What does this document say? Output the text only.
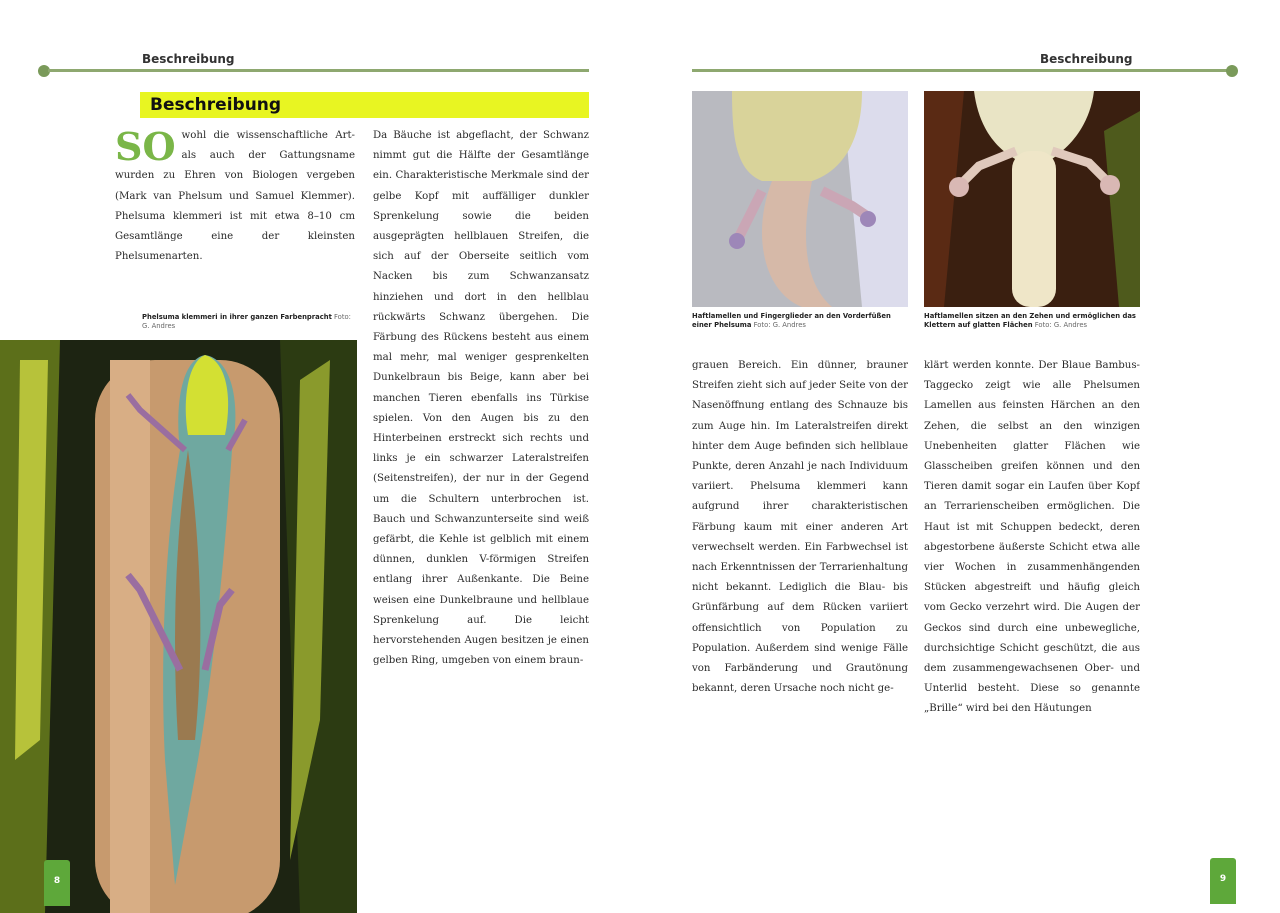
Beschreibung
Beschreibung
SO wohl die wissenschaftliche Art- als auch der Gattungsname wurden zu Ehren von Biologen vergeben (Mark van Phelsum und Samuel Klemmer). Phelsuma klemmeri ist mit etwa 8–10 cm Gesamtlänge eine der kleinsten Phelsumenarten.
Phelsuma klemmeri in ihrer ganzen Farbenpracht Foto: G. Andres
Da Bäuche ist abgeflacht, der Schwanz nimmt gut die Hälfte der Gesamtlänge ein. Charakteristische Merkmale sind der gelbe Kopf mit auffälliger dunkler Sprenkelung sowie die beiden ausgeprägten hellblauen Streifen, die sich auf der Oberseite seitlich vom Nacken bis zum Schwanzansatz hinziehen und dort in den hellblau rückwärts Schwanz übergehen. Die Färbung des Rückens besteht aus einem mal mehr, mal weniger gesprenkelten Dunkelbraun bis Beige, kann aber bei manchen Tieren ebenfalls ins Türkise spielen. Von den Augen bis zu den Hinterbeinen erstreckt sich rechts und links je ein schwarzer Lateralstreifen (Seitenstreifen), der nur in der Gegend um die Schultern unterbrochen ist. Bauch und Schwanzunterseite sind weiß gefärbt, die Kehle ist gelblich mit einem dünnen, dunklen V-förmigen Streifen entlang ihrer Außenkante. Die Beine weisen eine Dunkelbraune und hellblaue Sprenkelung auf. Die leicht hervorstehenden Augen besitzen je einen gelben Ring, umgeben von einem braun-
8
Beschreibung
Haftlamellen und Fingerglieder an den Vorderfüßen einer Phelsuma Foto: G. Andres
Haftlamellen sitzen an den Zehen und ermöglichen das Klettern auf glatten Flächen Foto: G. Andres
grauen Bereich. Ein dünner, brauner Streifen zieht sich auf jeder Seite von der Nasenöffnung entlang des Schnauze bis zum Auge hin. Im Lateralstreifen direkt hinter dem Auge befinden sich hellblaue Punkte, deren Anzahl je nach Individuum variiert. Phelsuma klemmeri kann aufgrund ihrer charakteristischen Färbung kaum mit einer anderen Art verwechselt werden. Ein Farbwechsel ist nach Erkenntnissen der Terrarienhaltung nicht bekannt. Lediglich die Blau- bis Grünfärbung auf dem Rücken variiert offensichtlich von Population zu Population. Außerdem sind wenige Fälle von Farbänderung und Grautönung bekannt, deren Ursache noch nicht ge-
klärt werden konnte. Der Blaue Bambus-Taggecko zeigt wie alle Phelsumen Lamellen aus feinsten Härchen an den Zehen, die selbst an den winzigen Unebenheiten glatter Flächen wie Glasscheiben greifen können und den Tieren damit sogar ein Laufen über Kopf an Terrarienscheiben ermöglichen. Die Haut ist mit Schuppen bedeckt, deren abgestorbene äußerste Schicht etwa alle vier Wochen in zusammenhängenden Stücken abgestreift und häufig gleich vom Gecko verzehrt wird. Die Augen der Geckos sind durch eine unbewegliche, durchsichtige Schicht geschützt, die aus dem zusammengewachsenen Ober- und Unterlid besteht. Diese so genannte „Brille“ wird bei den Häutungen
9
